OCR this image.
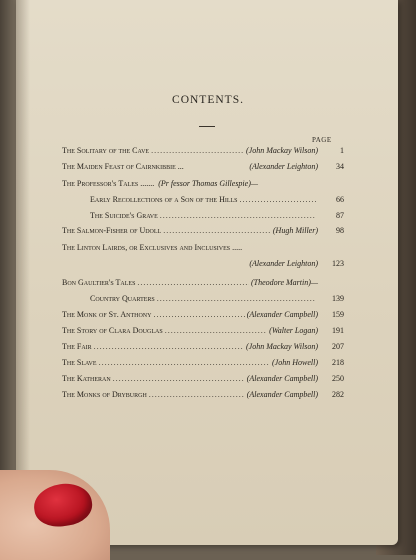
CONTENTS.
PAGE
The Solitary of the Cave .....	(John Mackay Wilson)	1
The Maiden Feast of Cairnkibbie ...	(Alexander Leighton)	34
The Professor's Tales ....... (Pr fessor Thomas Gillespie)—
Early Recollections of a Son of the Hills .....	66
The Suicide's Grave .....	87
The Salmon-Fisher of Udoll .....	(Hugh Miller)	98
The Linton Lairds, or Exclusives and Inclusives .....
(Alexander Leighton)	123
Bon Gaultier's Tales .....	(Theodore Martin)—
Country Quarters .....	139
The Monk of St. Anthony .....	(Alexander Campbell)	159
The Story of Clara Douglas .....	(Walter Logan)	191
The Fair .....	(John Mackay Wilson)	207
The Slave .....	(John Howell)	218
The Katheran .....	(Alexander Campbell)	250
The Monks of Dryburgh .....	(Alexander Campbell)	282
